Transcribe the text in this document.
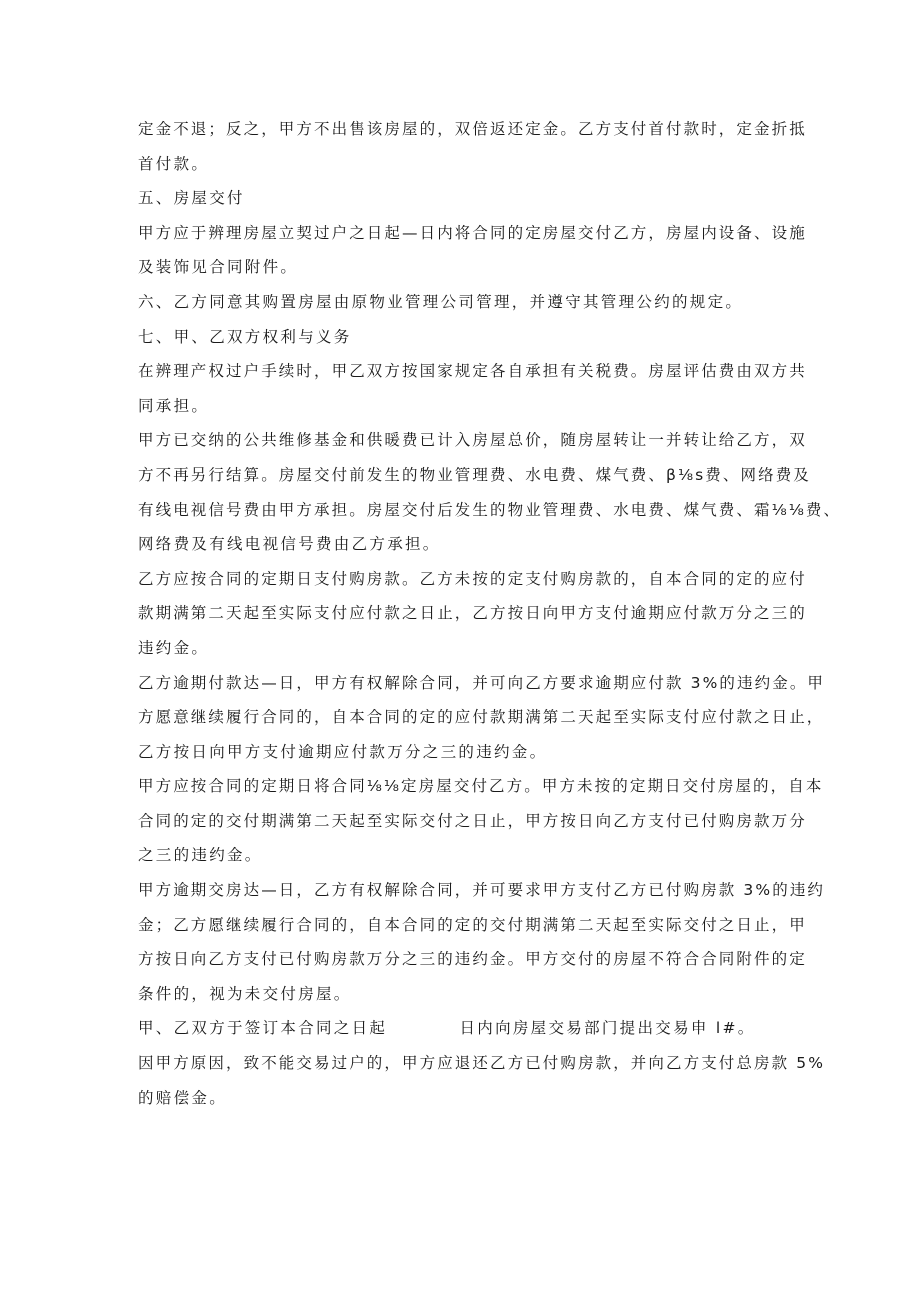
定金不退；反之，甲方不出售该房屋的，双倍返还定金。乙方支付首付款时，定金折抵
首付款。
五、房屋交付
甲方应于辨理房屋立契过户之日起—日内将合同的定房屋交付乙方，房屋内设备、设施
及装饰见合同附件。
六、乙方同意其购置房屋由原物业管理公司管理，并遵守其管理公约的规定。
七、甲、乙双方权利与义务
在辨理产权过户手续时，甲乙双方按国家规定各自承担有关税费。房屋评估费由双方共
同承担。
甲方已交纳的公共维修基金和供暖费已计入房屋总价，随房屋转让一并转让给乙方，双
方不再另行结算。房屋交付前发生的物业管理费、水电费、煤气费、β⅛s费、网络费及
有线电视信号费由甲方承担。房屋交付后发生的物业管理费、水电费、煤气费、霜⅛⅛费、
网络费及有线电视信号费由乙方承担。
乙方应按合同的定期日支付购房款。乙方未按的定支付购房款的，自本合同的定的应付
款期满第二天起至实际支付应付款之日止，乙方按日向甲方支付逾期应付款万分之三的
违约金。
乙方逾期付款达—日，甲方有权解除合同，并可向乙方要求逾期应付款 3%的违约金。甲
方愿意继续履行合同的，自本合同的定的应付款期满第二天起至实际支付应付款之日止，
乙方按日向甲方支付逾期应付款万分之三的违约金。
甲方应按合同的定期日将合同⅛⅛定房屋交付乙方。甲方未按的定期日交付房屋的，自本
合同的定的交付期满第二天起至实际交付之日止，甲方按日向乙方支付已付购房款万分
之三的违约金。
甲方逾期交房达—日，乙方有权解除合同，并可要求甲方支付乙方已付购房款 3%的违约
金；乙方愿继续履行合同的，自本合同的定的交付期满第二天起至实际交付之日止，甲
方按日向乙方支付已付购房款万分之三的违约金。甲方交付的房屋不符合合同附件的定
条件的，视为未交付房屋。
甲、乙双方于签订本合同之日起          日内向房屋交易部门提出交易申 l#。
因甲方原因，致不能交易过户的，甲方应退还乙方已付购房款，并向乙方支付总房款 5%
的赔偿金。
